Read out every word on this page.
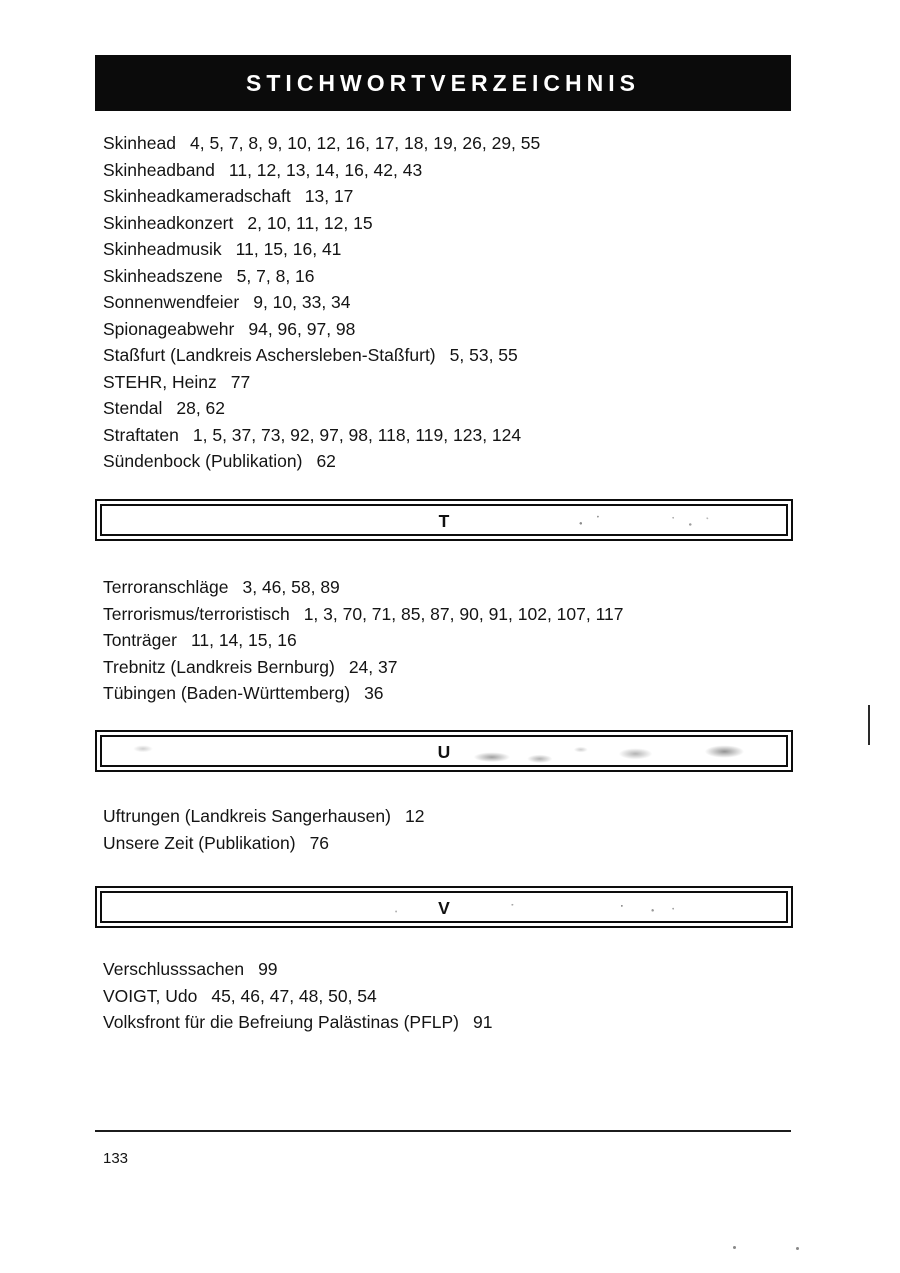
STICHWORTVERZEICHNIS
Skinhead 4, 5, 7, 8, 9, 10, 12, 16, 17, 18, 19, 26, 29, 55
Skinheadband 11, 12, 13, 14, 16, 42, 43
Skinheadkameradschaft 13, 17
Skinheadkonzert 2, 10, 11, 12, 15
Skinheadmusik 11, 15, 16, 41
Skinheadszene 5, 7, 8, 16
Sonnenwendfeier 9, 10, 33, 34
Spionageabwehr 94, 96, 97, 98
Staßfurt (Landkreis Aschersleben-Staßfurt) 5, 53, 55
STEHR, Heinz 77
Stendal 28, 62
Straftaten 1, 5, 37, 73, 92, 97, 98, 118, 119, 123, 124
Sündenbock (Publikation) 62
T
Terroranschläge 3, 46, 58, 89
Terrorismus/terroristisch 1, 3, 70, 71, 85, 87, 90, 91, 102, 107, 117
Tonträger 11, 14, 15, 16
Trebnitz (Landkreis Bernburg) 24, 37
Tübingen (Baden-Württemberg) 36
U
Uftrungen (Landkreis Sangerhausen) 12
Unsere Zeit (Publikation) 76
V
Verschlusssachen 99
VOIGT, Udo 45, 46, 47, 48, 50, 54
Volksfront für die Befreiung Palästinas (PFLP) 91
133
